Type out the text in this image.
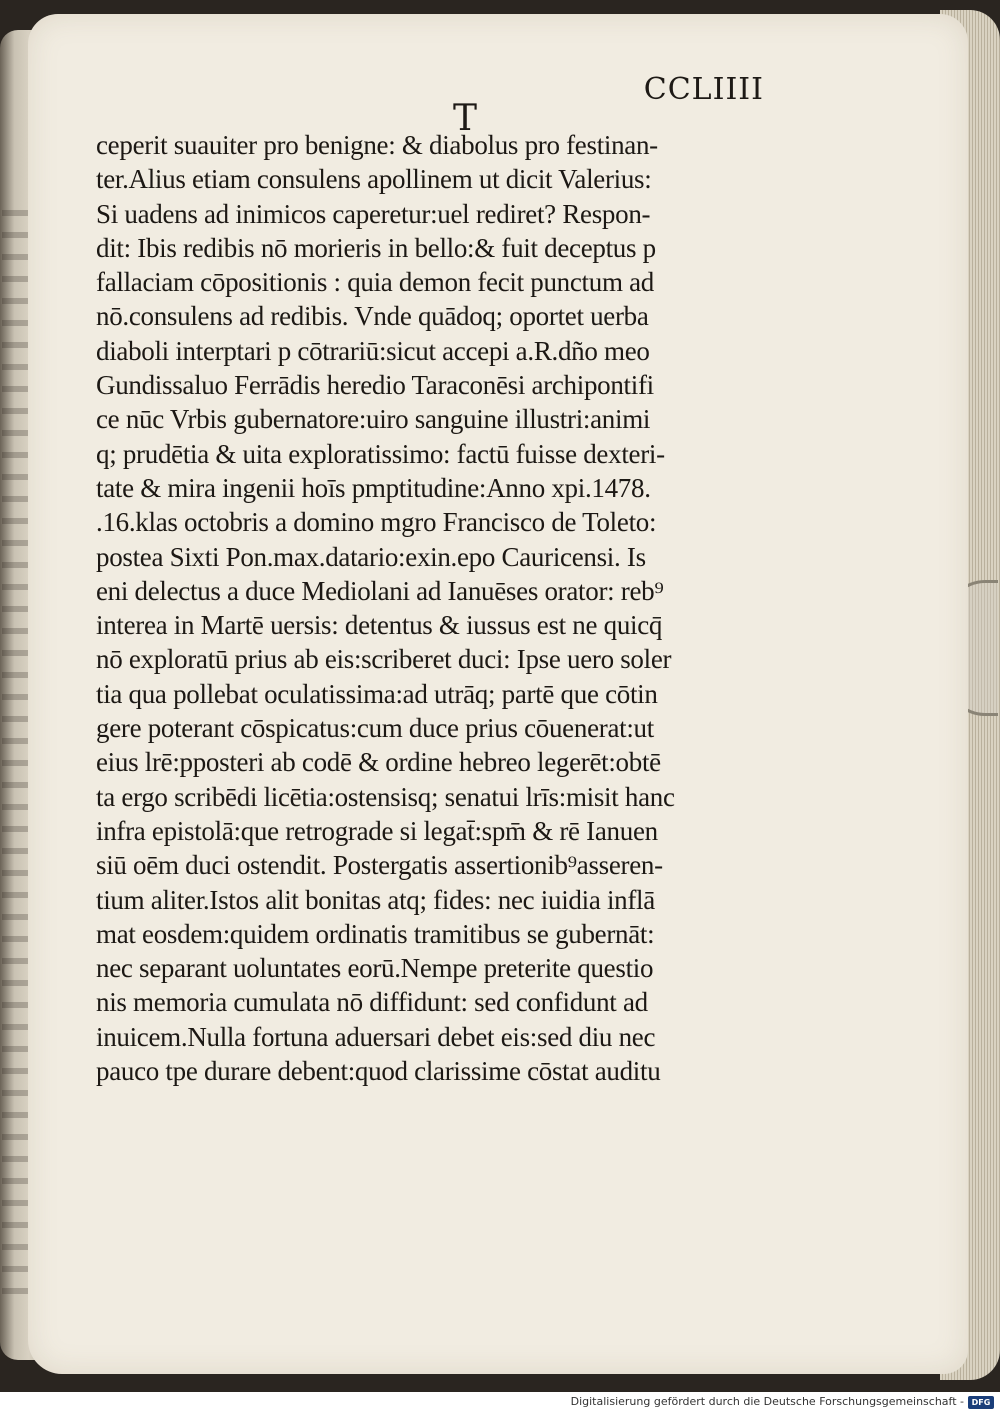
CCLIIII
T
ceperit suauiter pro benigne: & diabolus pro festinan-
ter.Alius etiam consulens apollinem ut dicit Valerius:
Si uadens ad inimicos caperetur:uel rediret? Respon-
dit: Ibis redibis nō morieris in bello:& fuit deceptus p
fallaciam cōpositionis : quia demon fecit punctum ad
nō.consulens ad redibis. Vnde quādoq; oportet uerba
diaboli interptari p cōtrariū:sicut accepi a.R.dño meo
Gundissaluo Ferrādis heredio Taraconēsi archipontifi
ce nūc Vrbis gubernatore:uiro sanguine illustri:animi
q; prudētia & uita exploratissimo: factū fuisse dexteri-
tate & mira ingenii hoīs pmptitudine:Anno xpi.1478.
.16.klas octobris a domino mgro Francisco de Toleto:
postea Sixti Pon.max.datario:exin.epo Cauricensi. Is
eni delectus a duce Mediolani ad Ianuēses orator: reb⁹
interea in Martē uersis: detentus & iussus est ne quicq̄
nō exploratū prius ab eis:scriberet duci: Ipse uero soler
tia qua pollebat oculatissima:ad utrāq; partē que cōtin
gere poterant cōspicatus:cum duce prius cōuenerat:ut
eius lrē:pposteri ab codē & ordine hebreo legerēt:obtē
ta ergo scribēdi licētia:ostensisq; senatui lrīs:misit hanc
infra epistolā:que retrograde si legat̄:spm̄ & rē Ianuen
siū oēm duci ostendit. Postergatis assertionib⁹asseren-
tium aliter.Istos alit bonitas atq; fides: nec iuidia inflā
mat eosdem:quidem ordinatis tramitibus se gubernāt:
nec separant uoluntates eorū.Nempe preterite questio
nis memoria cumulata nō diffidunt: sed confidunt ad
inuicem.Nulla fortuna aduersari debet eis:sed diu nec
pauco tpe durare debent:quod clarissime cōstat auditu
Digitalisierung gefördert durch die Deutsche Forschungsgemeinschaft - DFG
